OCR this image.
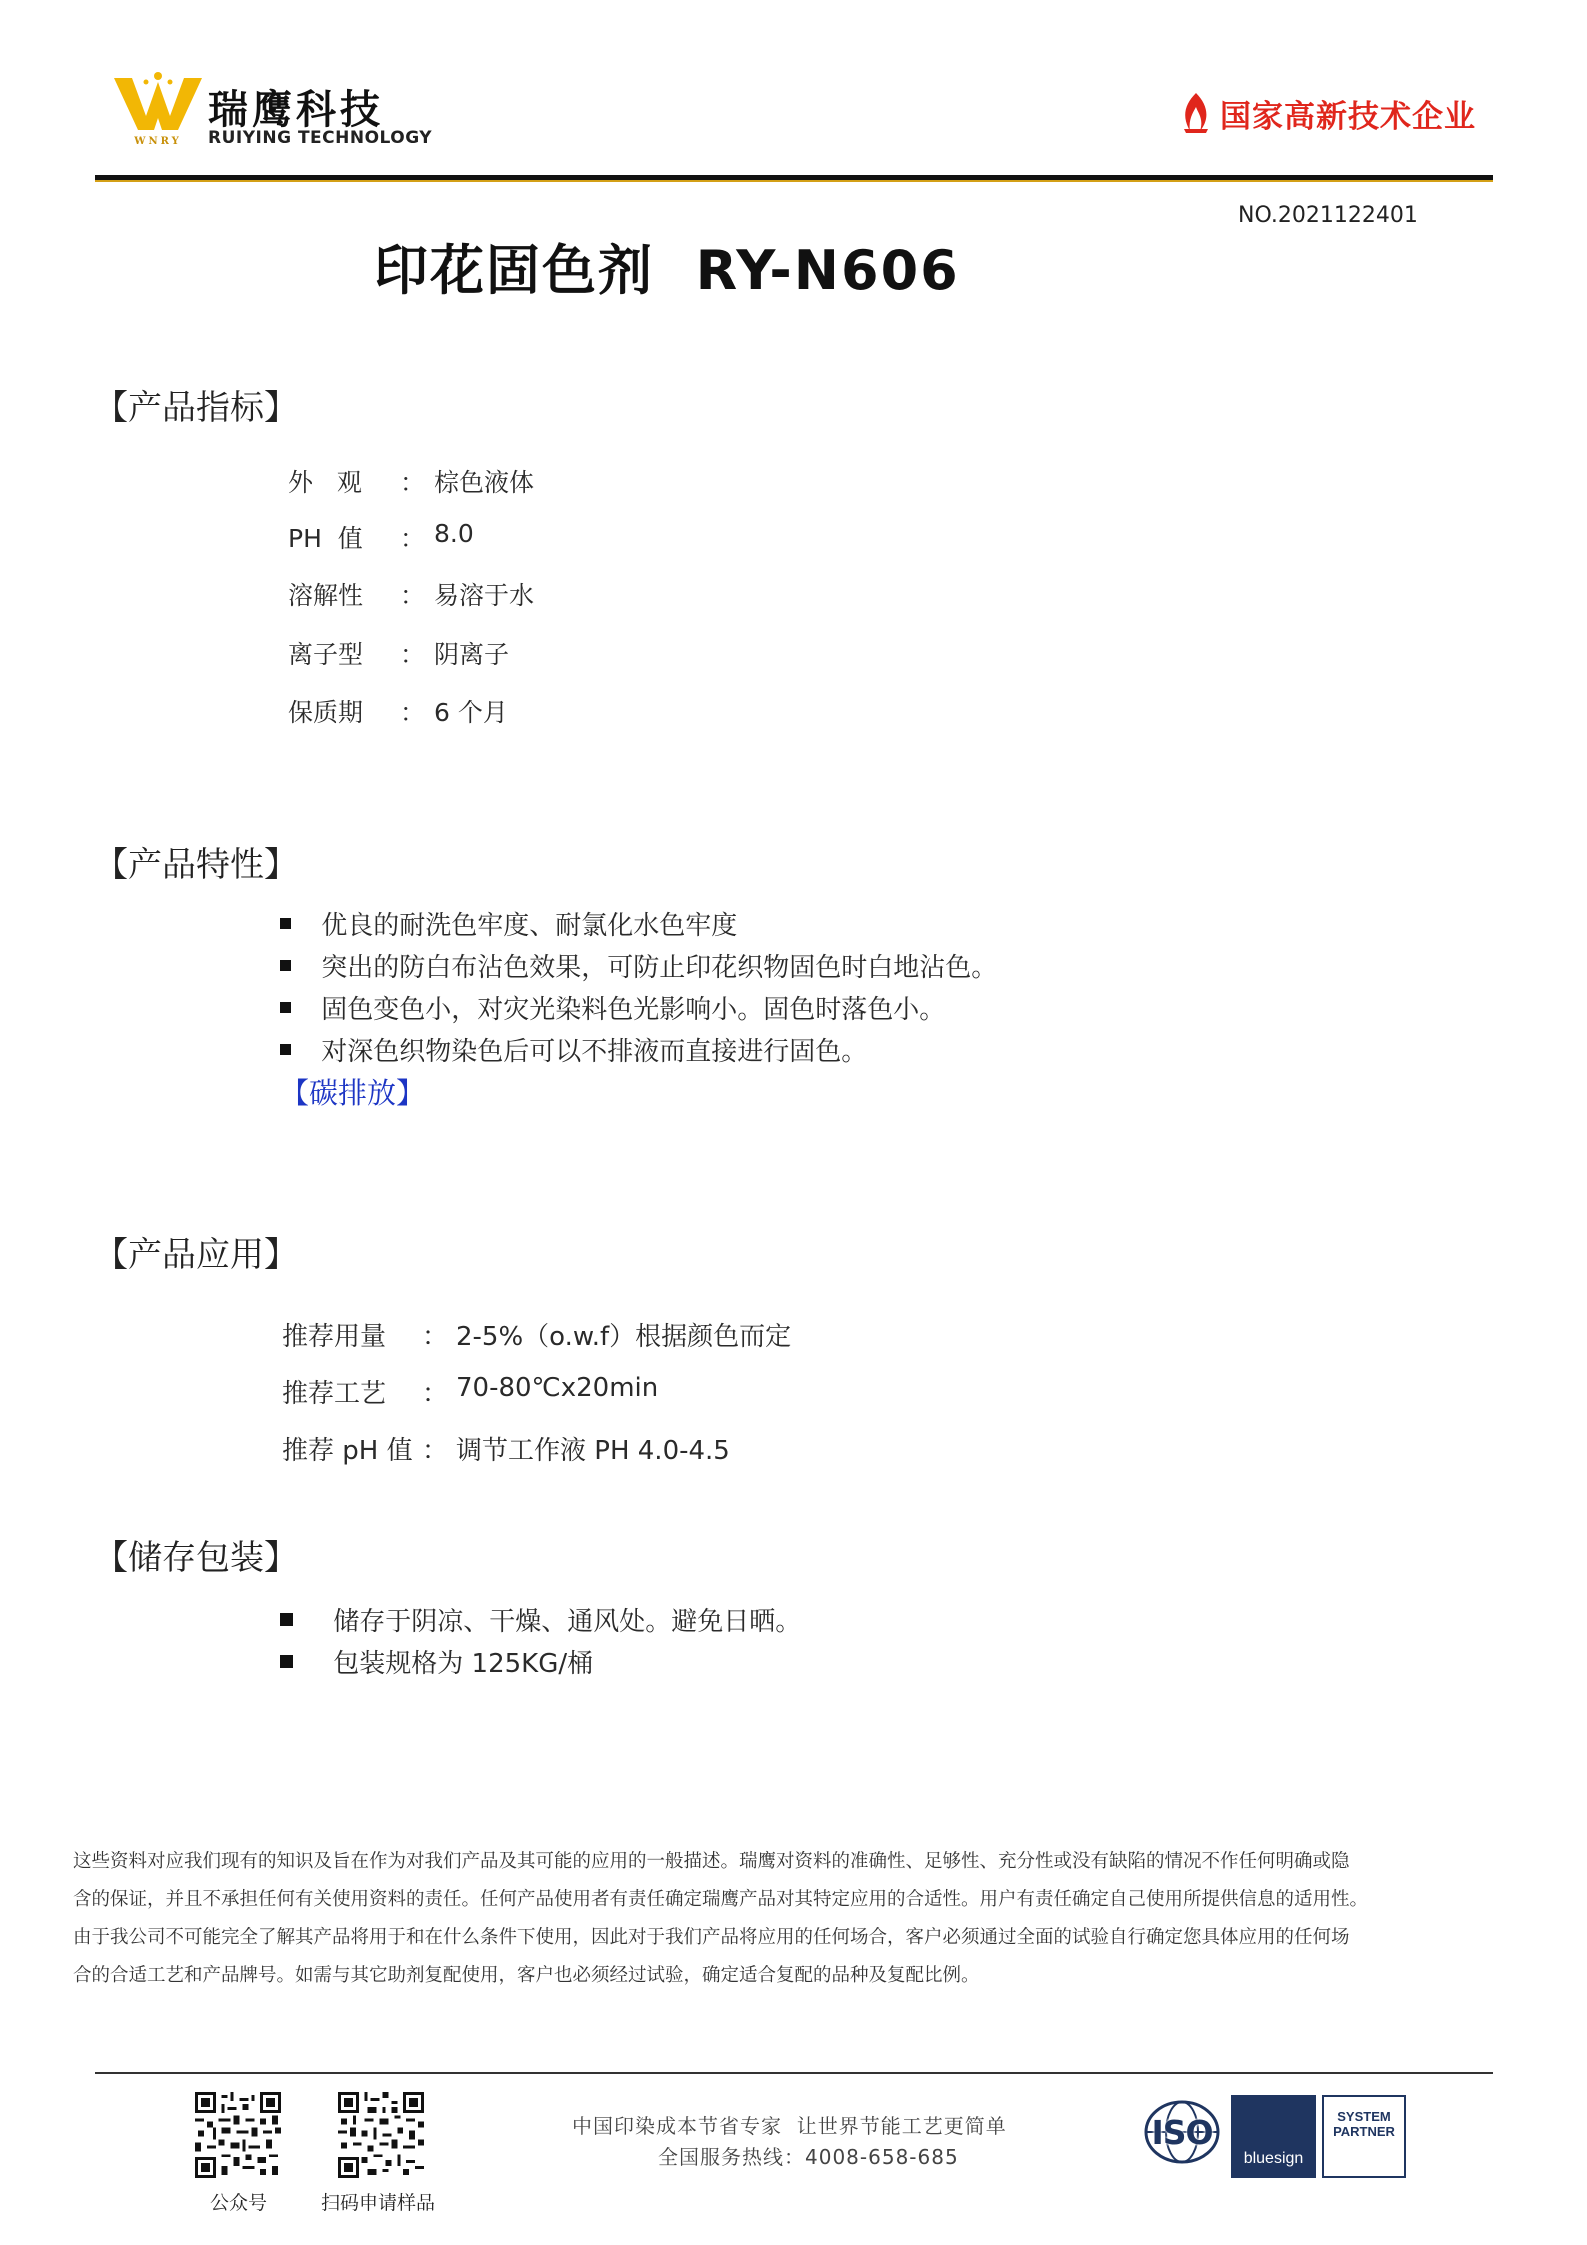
WNRY
瑞鹰科技
RUIYING TECHNOLOGY
国家高新技术企业
NO.2021122401
印花固色剂  RY-N606
【产品指标】
外   观 ： 棕色液体
PH  值 ： 8.0
溶解性 ： 易溶于水
离子型 ： 阴离子
保质期 ： 6 个月
【产品特性】
优良的耐洗色牢度、耐氯化水色牢度
突出的防白布沾色效果，可防止印花织物固色时白地沾色。
固色变色小，对灾光染料色光影响小。固色时落色小。
对深色织物染色后可以不排液而直接进行固色。
【碳排放】
【产品应用】
推荐用量 ： 2-5%（o.w.f）根据颜色而定
推荐工艺 ： 70-80℃x20min
推荐 pH 值 ： 调节工作液 PH 4.0-4.5
【储存包装】
储存于阴凉、干燥、通风处。避免日晒。
包装规格为 125KG/桶
这些资料对应我们现有的知识及旨在作为对我们产品及其可能的应用的一般描述。瑞鹰对资料的准确性、足够性、充分性或没有缺陷的情况不作任何明确或隐
含的保证，并且不承担任何有关使用资料的责任。任何产品使用者有责任确定瑞鹰产品对其特定应用的合适性。用户有责任确定自己使用所提供信息的适用性。
由于我公司不可能完全了解其产品将用于和在什么条件下使用，因此对于我们产品将应用的任何场合，客户必须通过全面的试验自行确定您具体应用的任何场
合的合适工艺和产品牌号。如需与其它助剂复配使用，客户也必须经过试验，确定适合复配的品种及复配比例。
公众号	扫码申请样品
中国印染成本节省专家  让世界节能工艺更简单
全国服务热线：4008-658-685
ISO
bluesign
SYSTEM
PARTNER
